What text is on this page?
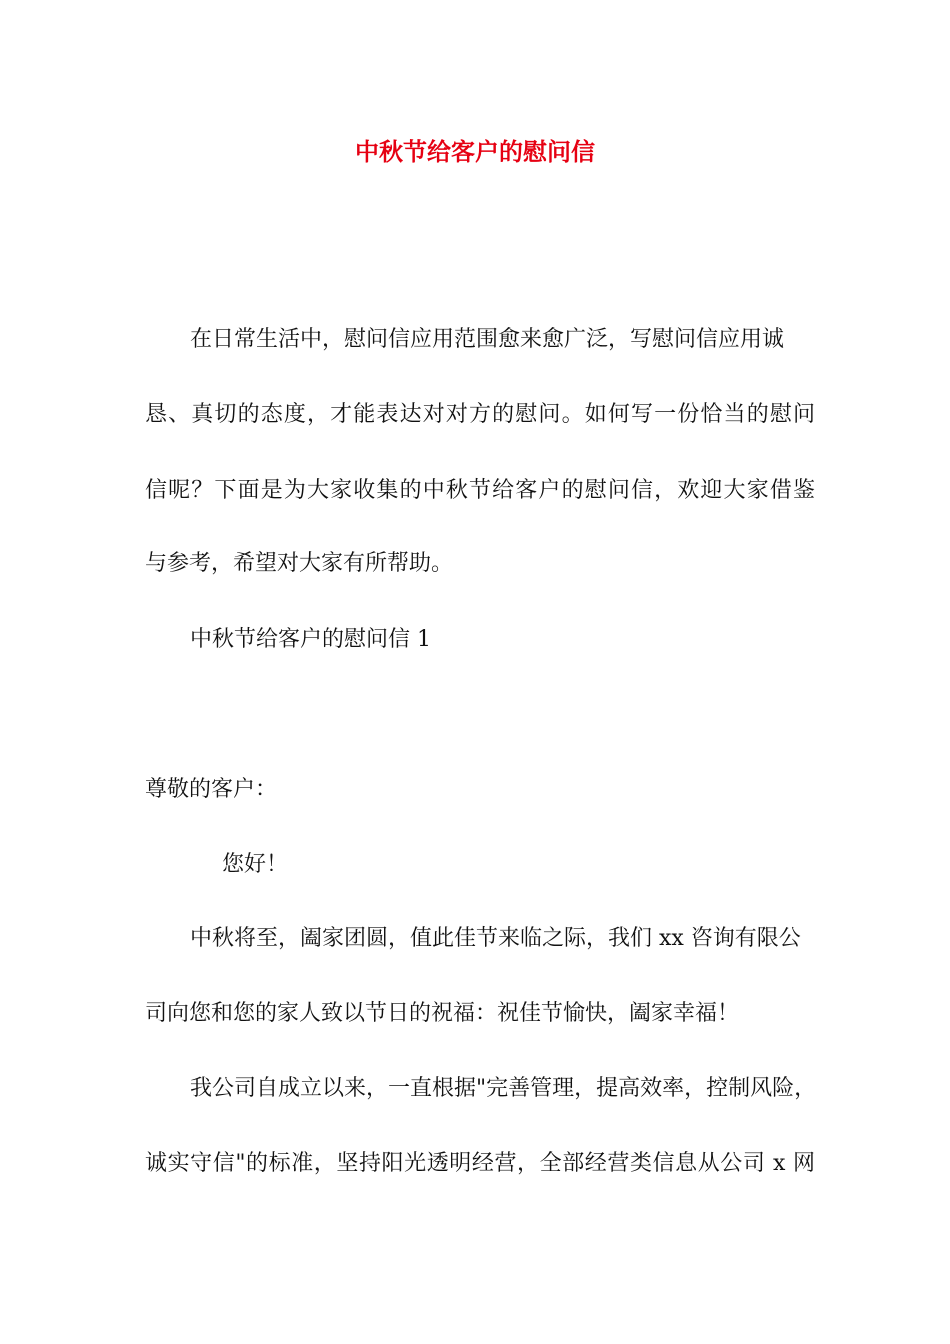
中秋节给客户的慰问信

在日常生活中，慰问信应用范围愈来愈广泛，写慰问信应用诚

恳、真切的态度，才能表达对对方的慰问。如何写一份恰当的慰问

信呢？下面是为大家收集的中秋节给客户的慰问信，欢迎大家借鉴

与参考，希望对大家有所帮助。

中秋节给客户的慰问信 1

尊敬的客户：

您好！

中秋将至，阖家团圆，值此佳节来临之际，我们 xx 咨询有限公

司向您和您的家人致以节日的祝福：祝佳节愉快，阖家幸福！

我公司自成立以来，一直根据"完善管理，提高效率，控制风险，

诚实守信"的标准，坚持阳光透明经营，全部经营类信息从公司 x 网
